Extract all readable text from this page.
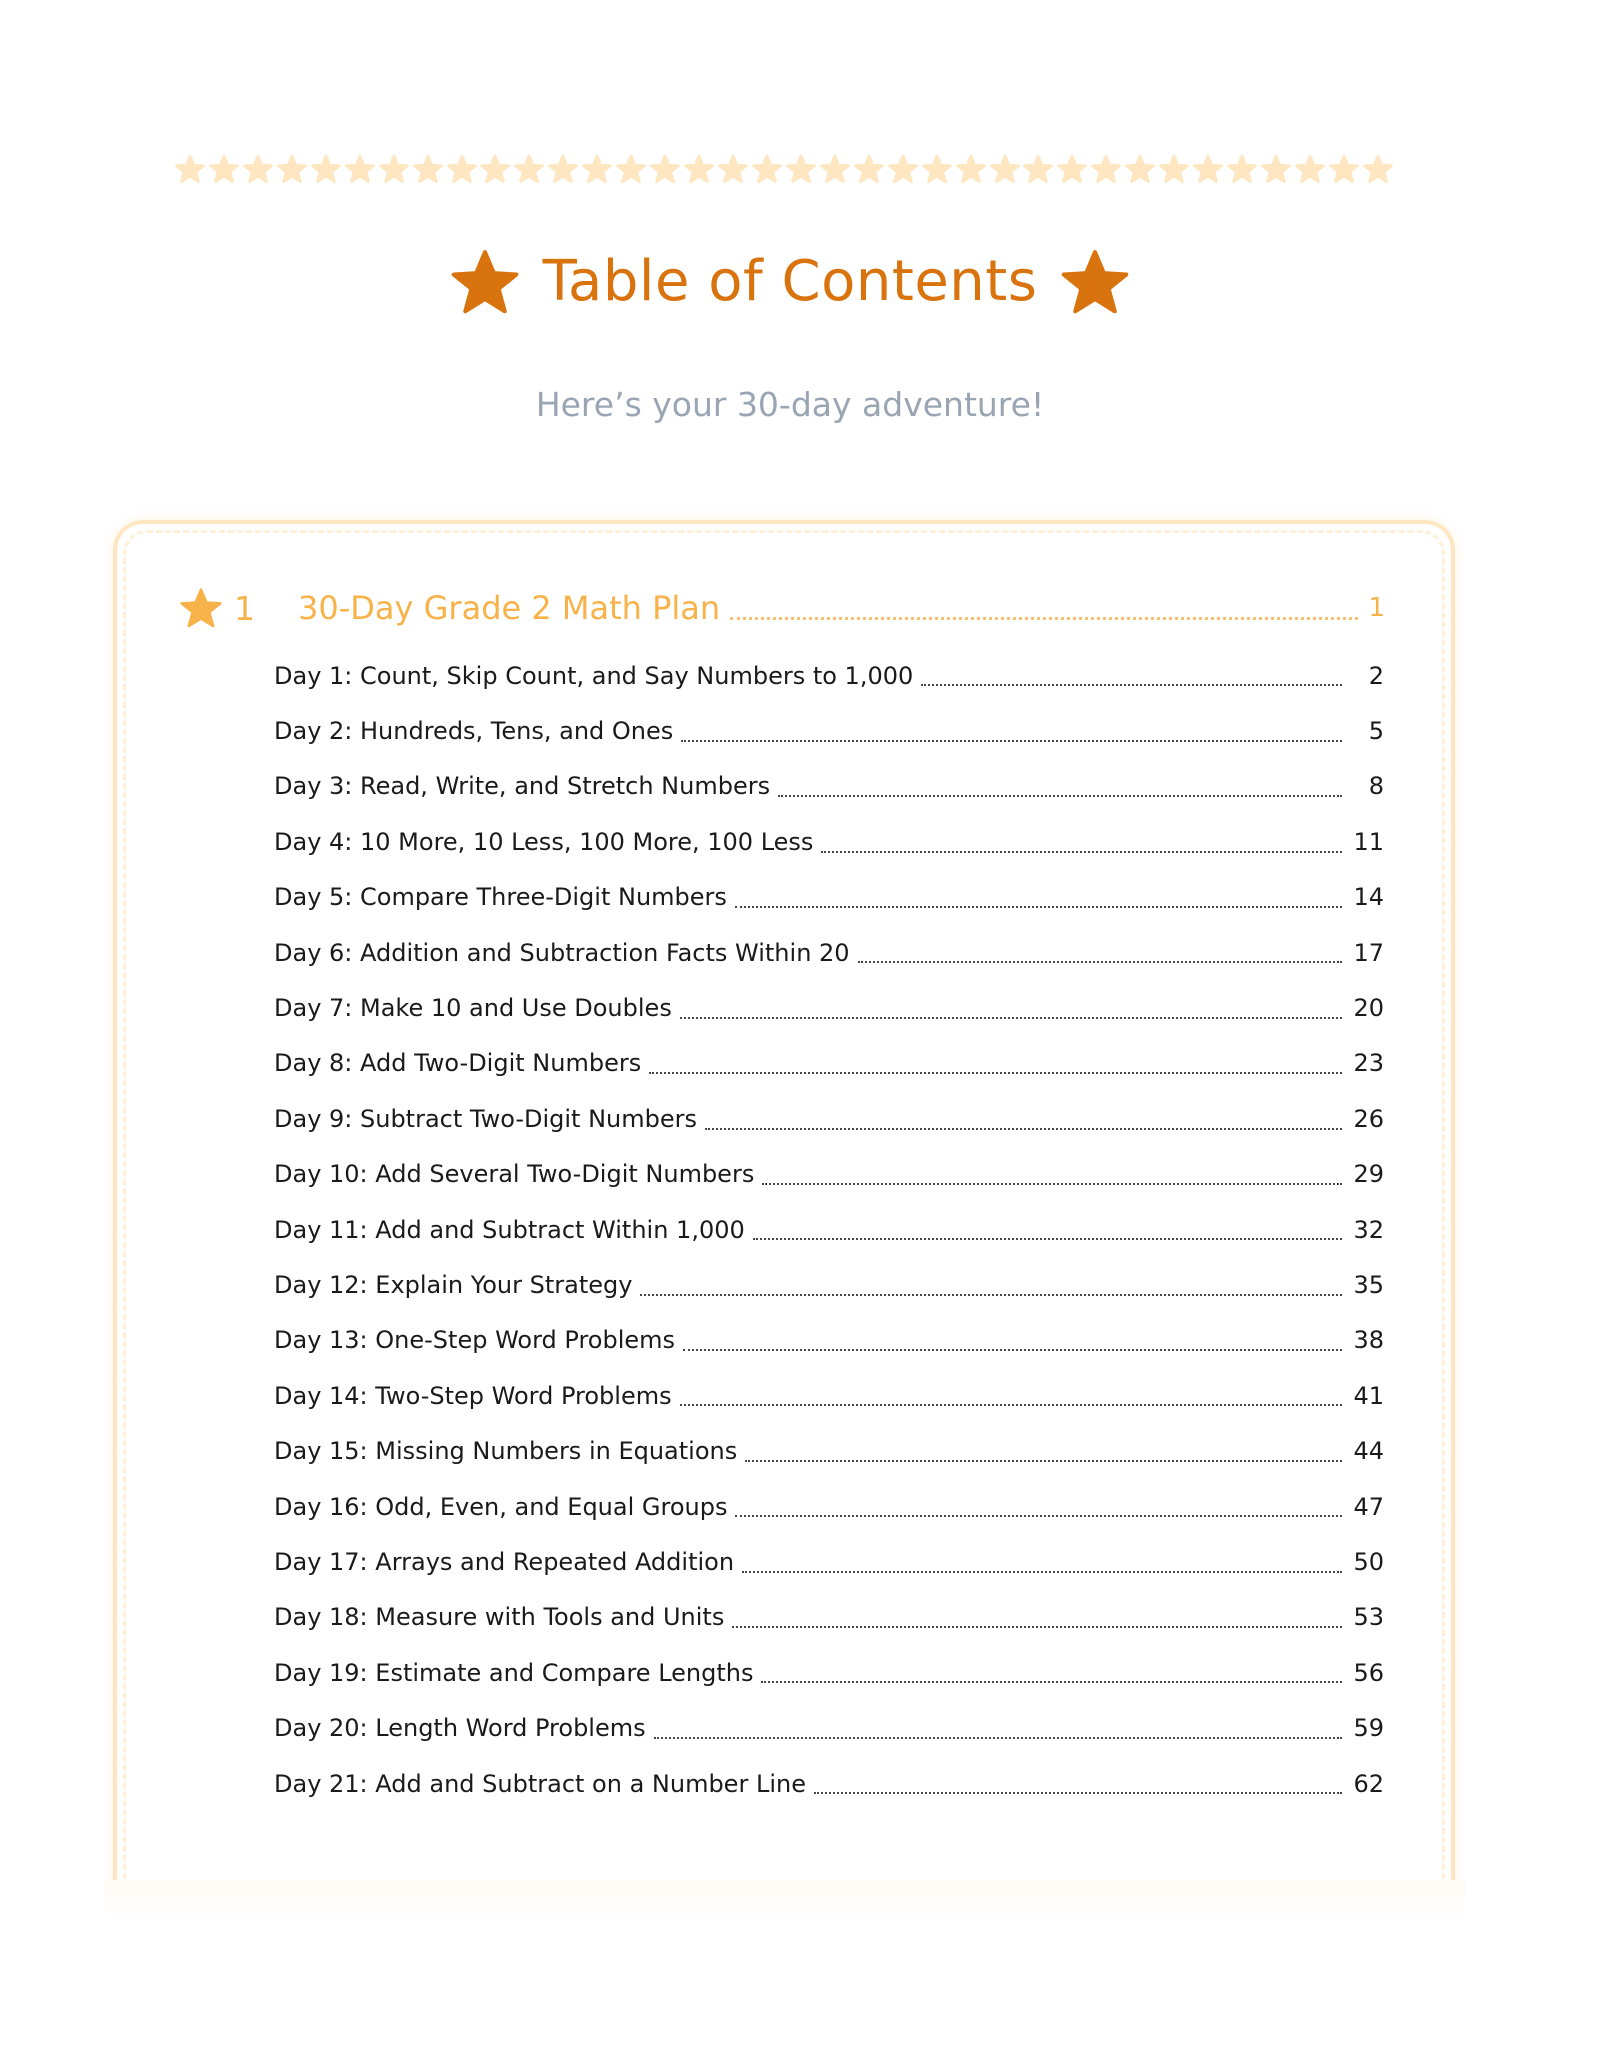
Table of Contents
Here’s your 30-day adventure!
1	30-Day Grade 2 Math Plan	1
Day 1: Count, Skip Count, and Say Numbers to 1,000	2
Day 2: Hundreds, Tens, and Ones	5
Day 3: Read, Write, and Stretch Numbers	8
Day 4: 10 More, 10 Less, 100 More, 100 Less	11
Day 5: Compare Three-Digit Numbers	14
Day 6: Addition and Subtraction Facts Within 20	17
Day 7: Make 10 and Use Doubles	20
Day 8: Add Two-Digit Numbers	23
Day 9: Subtract Two-Digit Numbers	26
Day 10: Add Several Two-Digit Numbers	29
Day 11: Add and Subtract Within 1,000	32
Day 12: Explain Your Strategy	35
Day 13: One-Step Word Problems	38
Day 14: Two-Step Word Problems	41
Day 15: Missing Numbers in Equations	44
Day 16: Odd, Even, and Equal Groups	47
Day 17: Arrays and Repeated Addition	50
Day 18: Measure with Tools and Units	53
Day 19: Estimate and Compare Lengths	56
Day 20: Length Word Problems	59
Day 21: Add and Subtract on a Number Line	62
